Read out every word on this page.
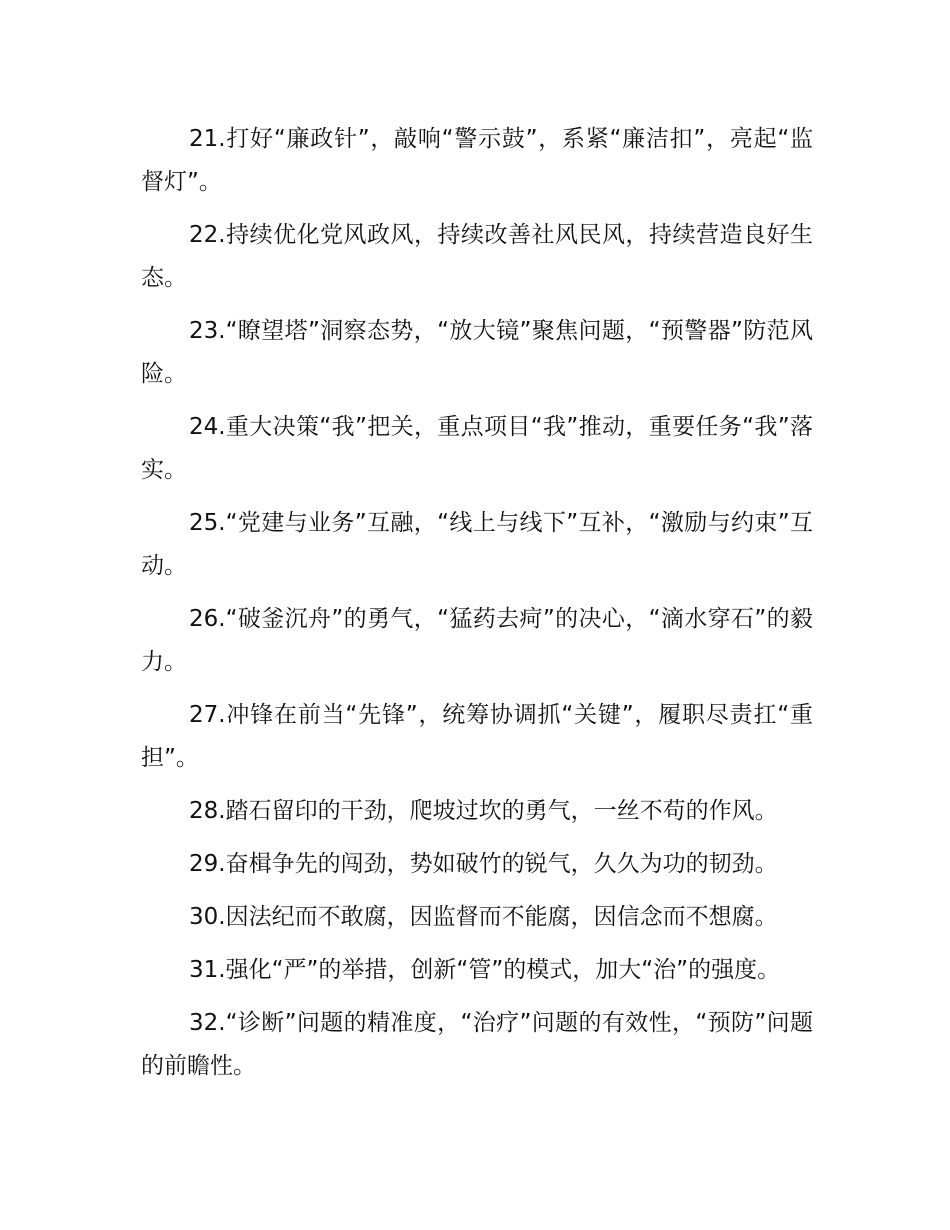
21.打好“廉政针”，敲响“警示鼓”，系紧“廉洁扣”，亮起“监督灯”。

22.持续优化党风政风，持续改善社风民风，持续营造良好生态。

23.“瞭望塔”洞察态势，“放大镜”聚焦问题，“预警器”防范风险。

24.重大决策“我”把关，重点项目“我”推动，重要任务“我”落实。

25.“党建与业务”互融，“线上与线下”互补，“激励与约束”互动。

26.“破釜沉舟”的勇气，“猛药去疴”的决心，“滴水穿石”的毅力。

27.冲锋在前当“先锋”，统筹协调抓“关键”，履职尽责扛“重担”。

28.踏石留印的干劲，爬坡过坎的勇气，一丝不苟的作风。

29.奋楫争先的闯劲，势如破竹的锐气，久久为功的韧劲。

30.因法纪而不敢腐，因监督而不能腐，因信念而不想腐。

31.强化“严”的举措，创新“管”的模式，加大“治”的强度。

32.“诊断”问题的精准度，“治疗”问题的有效性，“预防”问题的前瞻性。
